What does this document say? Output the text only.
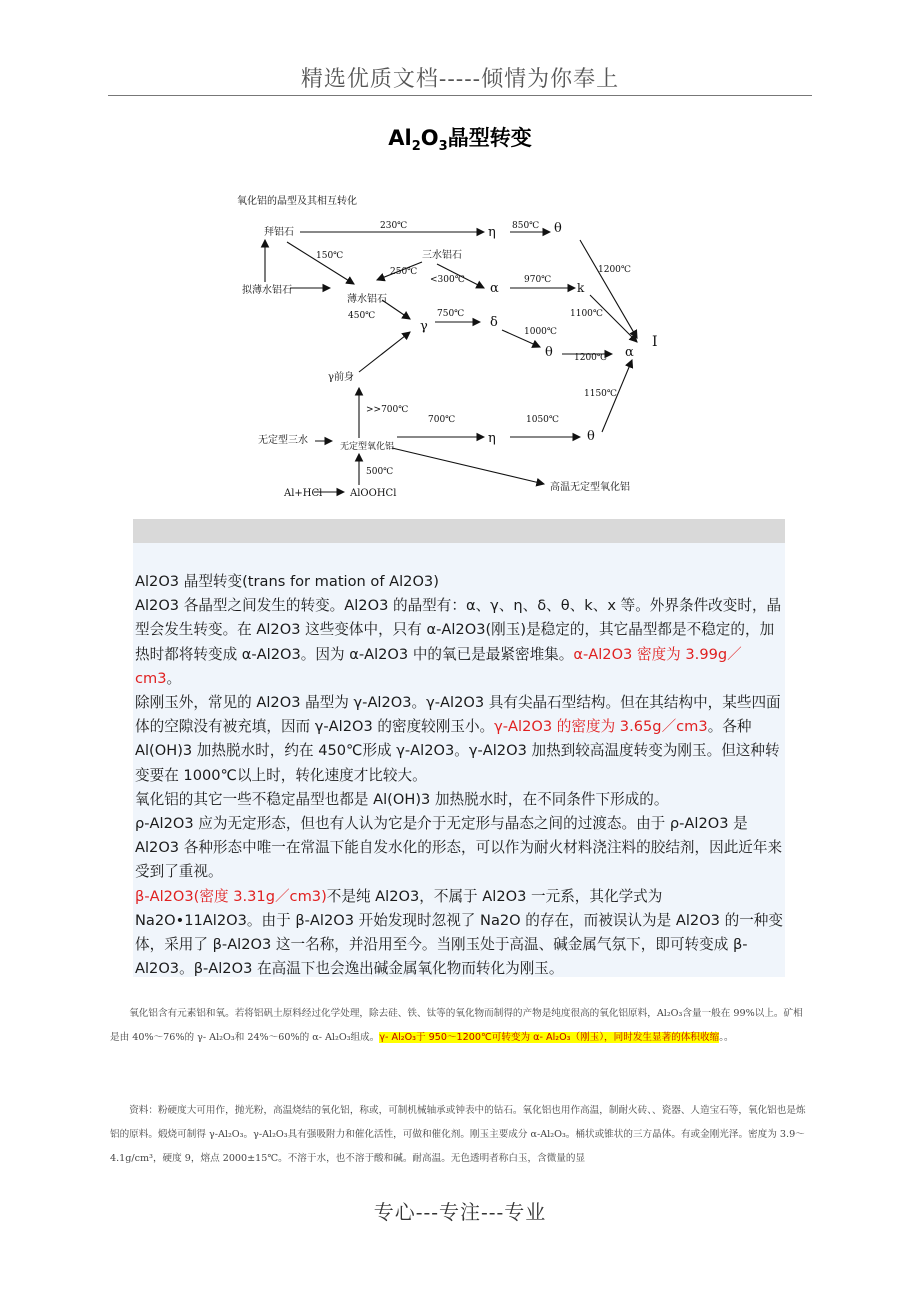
精选优质文档-----倾情为你奉上
$Al_2O_3$晶型转变
氧化铝的晶型及其相互转化
拜铝石
拟薄水铝石
三水铝石
薄水铝石
γ前身
无定型三水
无定型氧化铝
Al+HCl	AlOOHCl
高温无定型氧化铝
η	θ
α	k
γ	δ
θ	α
I
η	θ
230℃	850℃
1200℃
150℃
250℃
<300℃	970℃
1100℃
450℃	750℃
1000℃
1200℃
>>700℃
700℃	1050℃
1150℃
500℃

Al2O3 晶型转变(trans for mation of Al2O3)

Al2O3 各晶型之间发生的转变。Al2O3 的晶型有：α、γ、η、δ、θ、k、x 等。外界条件改变时，晶型会发生转变。在 Al2O3 这些变体中，只有 α-Al2O3(刚玉)是稳定的，其它晶型都是不稳定的，加热时都将转变成 α-Al2O3。因为 α-Al2O3 中的氧已是最紧密堆集。α-Al2O3 密度为 3.99g／cm3。

除刚玉外，常见的 Al2O3 晶型为 γ-Al2O3。γ-Al2O3 具有尖晶石型结构。但在其结构中，某些四面体的空隙没有被充填，因而 γ-Al2O3 的密度较刚玉小。γ-Al2O3 的密度为 3.65g／cm3。各种 Al(OH)3 加热脱水时，约在 450℃形成 γ-Al2O3。γ-Al2O3 加热到较高温度转变为刚玉。但这种转变要在 1000℃以上时，转化速度才比较大。

氧化铝的其它一些不稳定晶型也都是 Al(OH)3 加热脱水时，在不同条件下形成的。

ρ-Al2O3 应为无定形态，但也有人认为它是介于无定形与晶态之间的过渡态。由于 ρ-Al2O3 是 Al2O3 各种形态中唯一在常温下能自发水化的形态，可以作为耐火材料浇注料的胶结剂，因此近年来受到了重视。

β-Al2O3(密度 3.31g／cm3)不是纯 Al2O3，不属于 Al2O3 一元系，其化学式为 Na2O•11Al2O3。由于 β-Al2O3 开始发现时忽视了 Na2O 的存在，而被误认为是 Al2O3 的一种变体，采用了 β-Al2O3 这一名称，并沿用至今。当刚玉处于高温、碱金属气氛下，即可转变成 β-Al2O3。β-Al2O3 在高温下也会逸出碱金属氧化物而转化为刚玉。

氧化铝含有元素铝和氧。若将铝矾土原料经过化学处理，除去硅、铁、钛等的氧化物而制得的产物是纯度很高的氧化铝原料，Al₂O₃含量一般在 99%以上。矿相是由 40%～76%的 γ- Al₂O₃和 24%～60%的 α- Al₂O₃组成。γ- Al₂O₃于 950～1200℃可转变为 α- Al₂O₃（刚玉），同时发生显著的体积收缩。。
资料：粉硬度大可用作，抛光粉，高温烧结的氧化铝，称或，可制机械轴承或钟表中的钻石。氧化铝也用作高温，制耐火砖、、瓷器、人造宝石等，氧化铝也是炼铝的原料。煅烧可制得 γ-Al₂O₃。γ-Al₂O₃具有强吸附力和催化活性，可做和催化剂。刚玉主要成分 α-Al₂O₃。桶状或锥状的三方晶体。有或金刚光泽。密度为 3.9～4.1g/cm³，硬度 9，熔点 2000±15℃。不溶于水，也不溶于酸和碱。耐高温。无色透明者称白玉，含微量的显
专心---专注---专业
